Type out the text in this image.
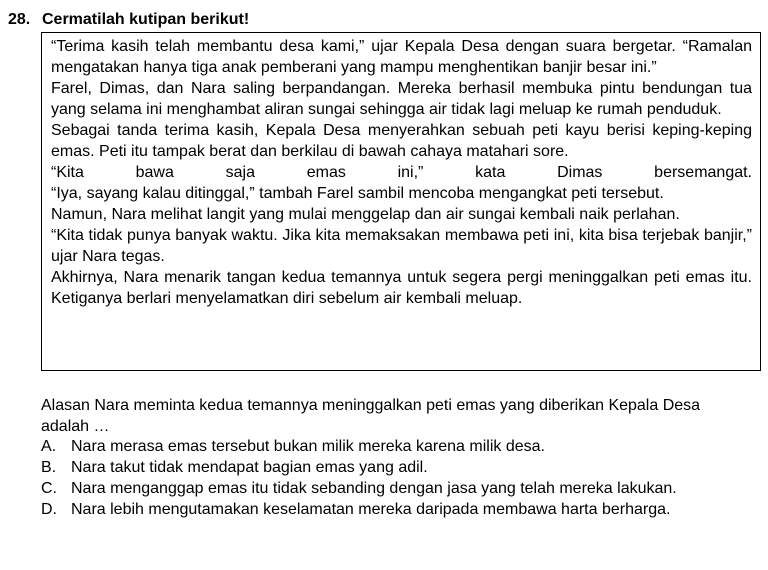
28. Cermatilah kutipan berikut!

“Terima kasih telah membantu desa kami,” ujar Kepala Desa dengan suara bergetar. “Ramalan mengatakan hanya tiga anak pemberani yang mampu menghentikan banjir besar ini.”

Farel, Dimas, dan Nara saling berpandangan. Mereka berhasil membuka pintu bendungan tua yang selama ini menghambat aliran sungai sehingga air tidak lagi meluap ke rumah penduduk.

Sebagai tanda terima kasih, Kepala Desa menyerahkan sebuah peti kayu berisi keping-keping emas. Peti itu tampak berat dan berkilau di bawah cahaya matahari sore.

“Kita bawa saja emas ini,” kata Dimas bersemangat.

“Iya, sayang kalau ditinggal,” tambah Farel sambil mencoba mengangkat peti tersebut.

Namun, Nara melihat langit yang mulai menggelap dan air sungai kembali naik perlahan.

“Kita tidak punya banyak waktu. Jika kita memaksakan membawa peti ini, kita bisa terjebak banjir,” ujar Nara tegas.

Akhirnya, Nara menarik tangan kedua temannya untuk segera pergi meninggalkan peti emas itu. Ketiganya berlari menyelamatkan diri sebelum air kembali meluap.

Alasan Nara meminta kedua temannya meninggalkan peti emas yang diberikan Kepala Desa adalah …
A. Nara merasa emas tersebut bukan milik mereka karena milik desa.
B. Nara takut tidak mendapat bagian emas yang adil.
C. Nara menganggap emas itu tidak sebanding dengan jasa yang telah mereka lakukan.
D. Nara lebih mengutamakan keselamatan mereka daripada membawa harta berharga.
